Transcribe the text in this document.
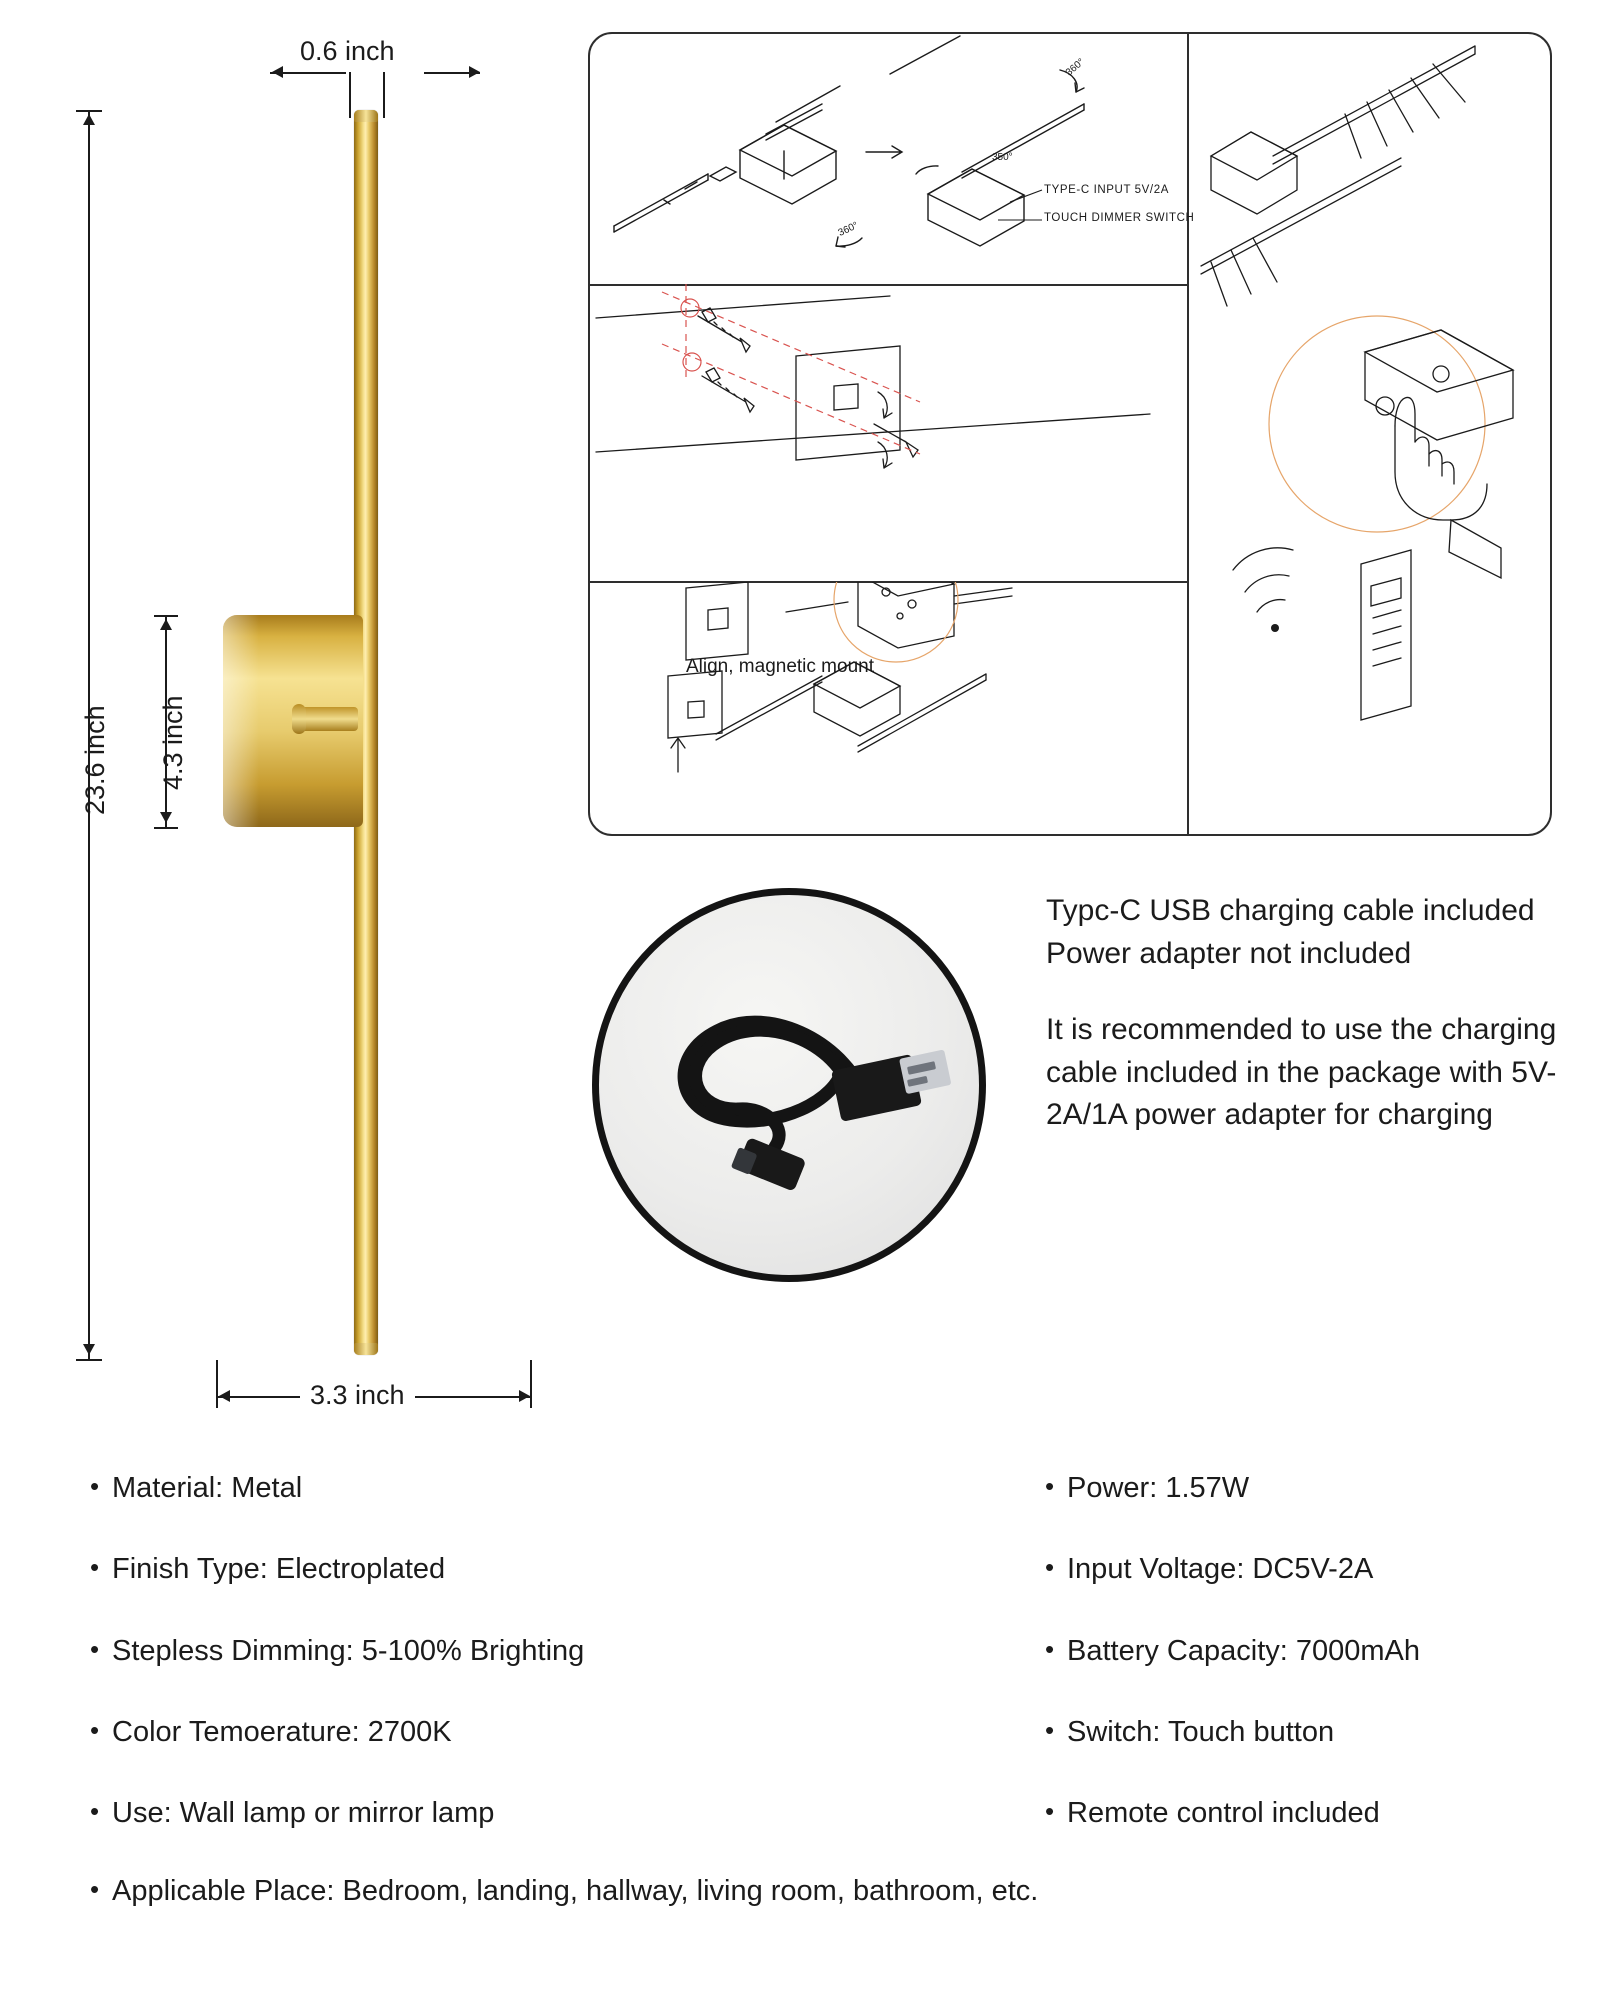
0.6 inch
23.6 inch 4.3 inch
3.3 inch
TYPE-C INPUT 5V/2A
TOUCH DIMMER SWITCH
350°
360°
360°
Align, magnetic mount

Typc-C USB charging cable included Power adapter not included

It is recommended to use the charging cable included in the package with 5V-2A/1A power adapter for charging

• Material: Metal
• Finish Type: Electroplated
• Stepless Dimming: 5-100% Brighting
• Color Temoerature: 2700K
• Use: Wall lamp or mirror lamp
• Power: 1.57W
• Input Voltage: DC5V-2A
• Battery Capacity: 7000mAh
• Switch: Touch button
• Remote control included
• Applicable Place: Bedroom, landing, hallway, living room, bathroom, etc.
